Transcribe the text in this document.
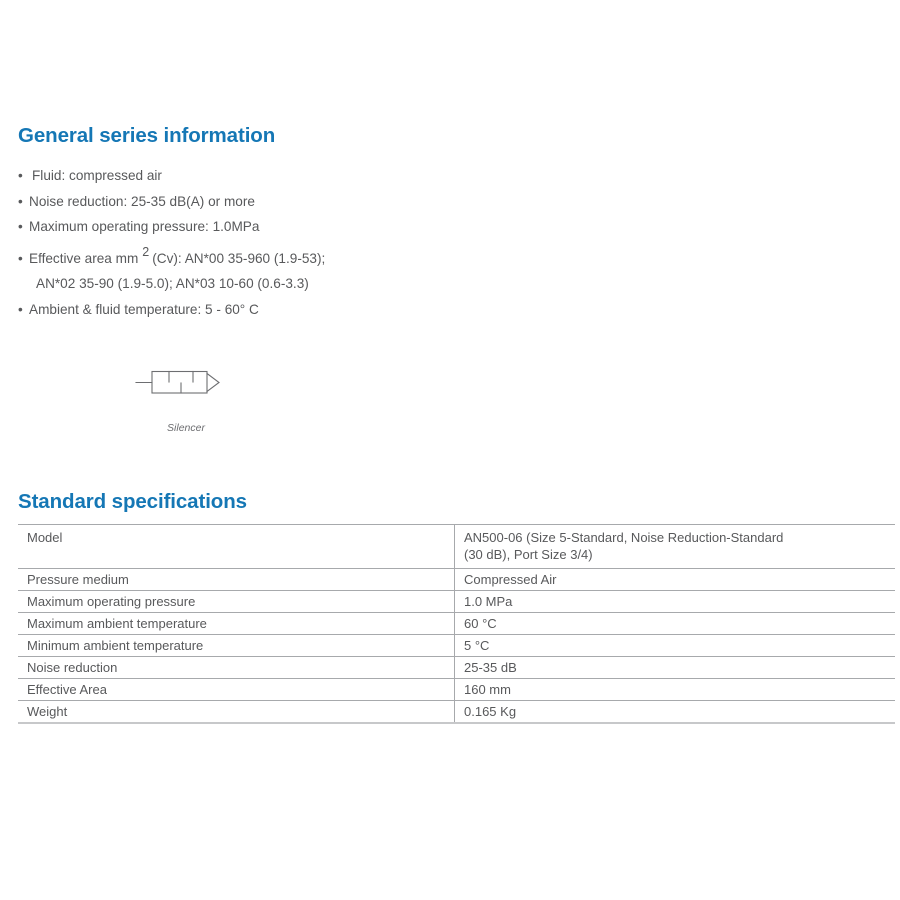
General series information
• Fluid: compressed air
• Noise reduction: 25-35 dB(A) or more
• Maximum operating pressure: 1.0MPa
• Effective area mm 2 (Cv): AN*00 35-960 (1.9-53);
AN*02 35-90 (1.9-5.0); AN*03 10-60 (0.6-3.3)
• Ambient & fluid temperature: 5 - 60° C
Silencer
Standard specifications
Model	AN500-06 (Size 5-Standard, Noise Reduction-Standard
(30 dB), Port Size 3/4)

Pressure medium	Compressed Air

Maximum operating pressure	1.0 MPa

Maximum ambient temperature	60 °C

Minimum ambient temperature	5 °C

Noise reduction	25-35 dB

Effective Area	160 mm

Weight	0.165 Kg
